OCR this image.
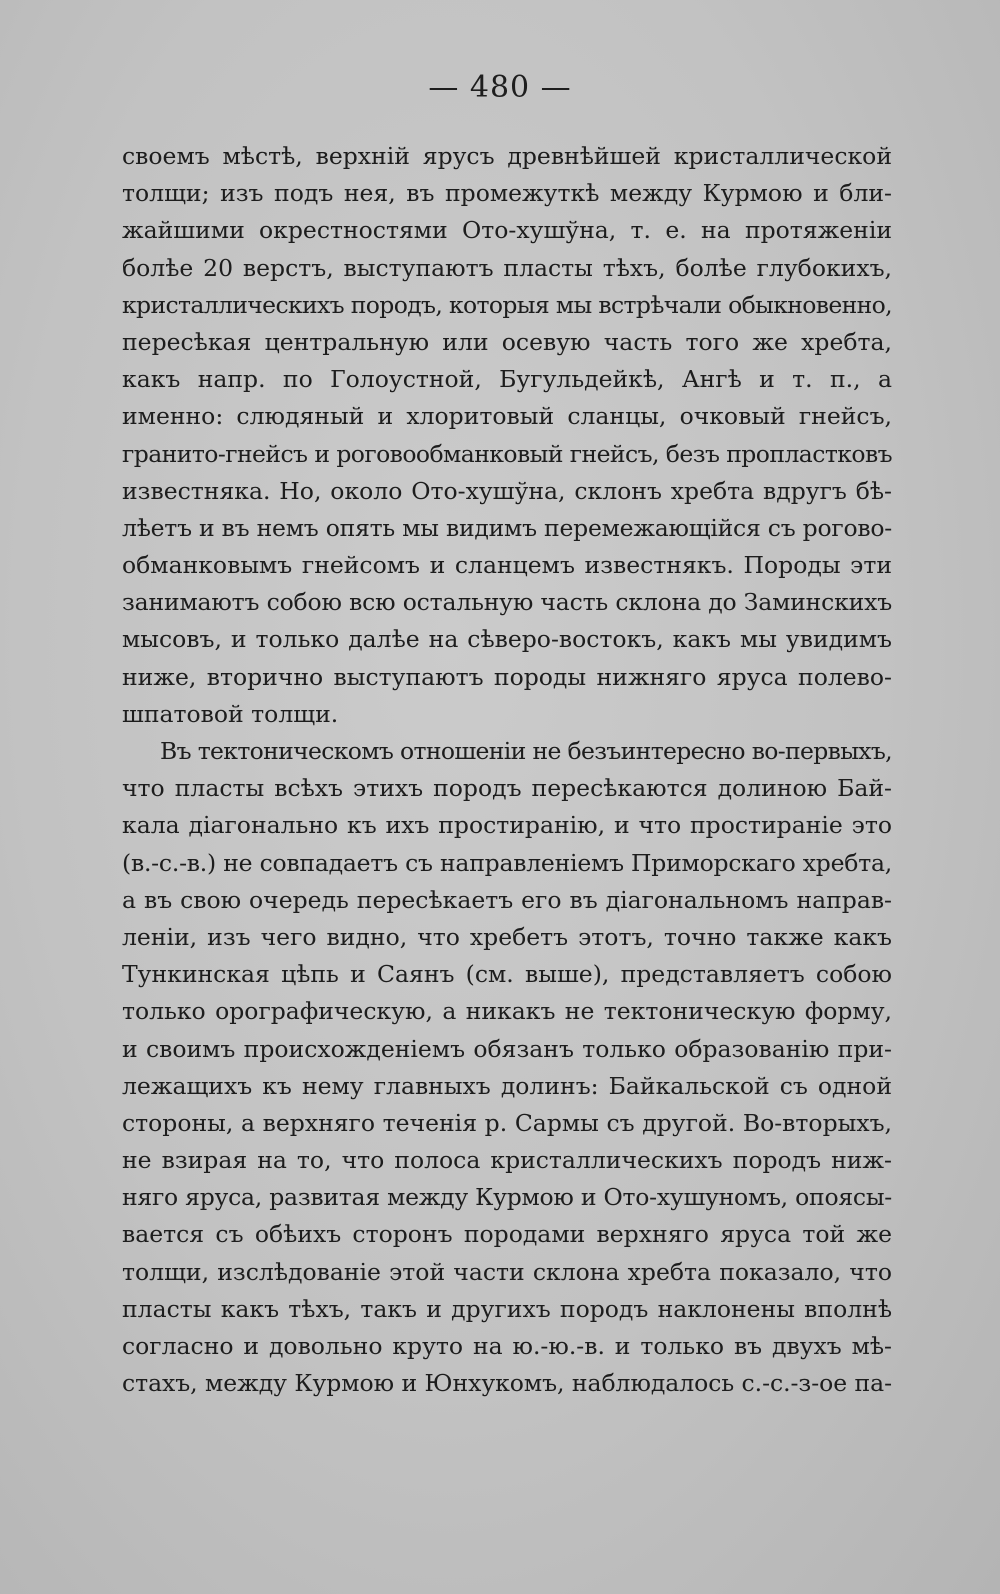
— 480 —
своемъ мѣстѣ, верхній ярусъ древнѣйшей кристаллической
толщи; изъ подъ нея, въ промежуткѣ между Курмою и бли-
жайшими окрестностями Ото-хушўна, т. е. на протяженіи
болѣе 20 верстъ, выступаютъ пласты тѣхъ, болѣе глубокихъ,
кристаллическихъ породъ, которыя мы встрѣчали обыкновенно,
пересѣкая центральную или осевую часть того же хребта,
какъ напр. по Голоустной, Бугульдейкѣ, Ангѣ и т. п., а
именно: слюдяный и хлоритовый сланцы, очковый гнейсъ,
гранито-гнейсъ и роговообманковый гнейсъ, безъ пропластковъ
известняка. Но, около Ото-хушўна, склонъ хребта вдругъ бѣ-
лѣетъ и въ немъ опять мы видимъ перемежающійся съ рогово-
обманковымъ гнейсомъ и сланцемъ известнякъ. Породы эти
занимаютъ собою всю остальную часть склона до Заминскихъ
мысовъ, и только далѣе на сѣверо-востокъ, какъ мы увидимъ
ниже, вторично выступаютъ породы нижняго яруса полево-
шпатовой толщи.
Въ тектоническомъ отношеніи не безъинтересно во-первыхъ,
что пласты всѣхъ этихъ породъ пересѣкаются долиною Бай-
кала діагонально къ ихъ простиранію, и что простираніе это
(в.-с.-в.) не совпадаетъ съ направленіемъ Приморскаго хребта,
а въ свою очередь пересѣкаетъ его въ діагональномъ направ-
леніи, изъ чего видно, что хребетъ этотъ, точно также какъ
Тункинская цѣпь и Саянъ (см. выше), представляетъ собою
только орографическую, а никакъ не тектоническую форму,
и своимъ происхожденіемъ обязанъ только образованію при-
лежащихъ къ нему главныхъ долинъ: Байкальской съ одной
стороны, а верхняго теченія р. Сармы съ другой. Во-вторыхъ,
не взирая на то, что полоса кристаллическихъ породъ ниж-
няго яруса, развитая между Курмою и Ото-хушуномъ, опоясы-
вается съ обѣихъ сторонъ породами верхняго яруса той же
толщи, изслѣдованіе этой части склона хребта показало, что
пласты какъ тѣхъ, такъ и другихъ породъ наклонены вполнѣ
согласно и довольно круто на ю.-ю.-в. и только въ двухъ мѣ-
стахъ, между Курмою и Юнхукомъ, наблюдалось с.-с.-з-ое па-
